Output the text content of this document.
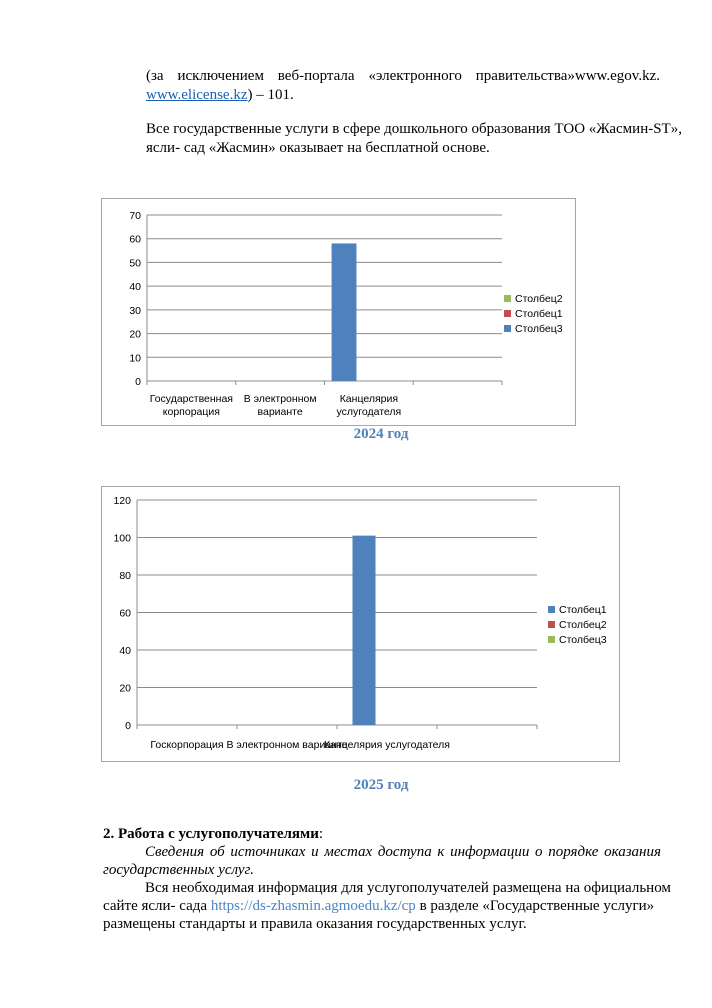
(за исключением веб-портала «электронного правительства»www.egov.kz.

www.elicense.kz) – 101.

Все государственные услуги в сфере дошкольного образования ТОО «Жасмин-ST»,

ясли- сад «Жасмин» оказывает на бесплатной основе.

0
10
20
30
40
50
60
70
Государственная
корпорация
В электронном
варианте
Канцелярия
услугодателя
Столбец2
Столбец1
Столбец3
2024 год
0
20
40
60
80
100
120
Госкорпорация В электронном варианте
Канцелярия услугодателя
Столбец1
Столбец2
Столбец3
2025 год

2. Работа с услугополучателями:

Сведения об источниках и местах доступа к информации о порядке оказания

государственных услуг.

Вся необходимая информация для услугополучателей размещена на официальном

сайте ясли- сада https://ds-zhasmin.agmoedu.kz/cp в разделе «Государственные услуги»

размещены стандарты и правила оказания государственных услуг.
